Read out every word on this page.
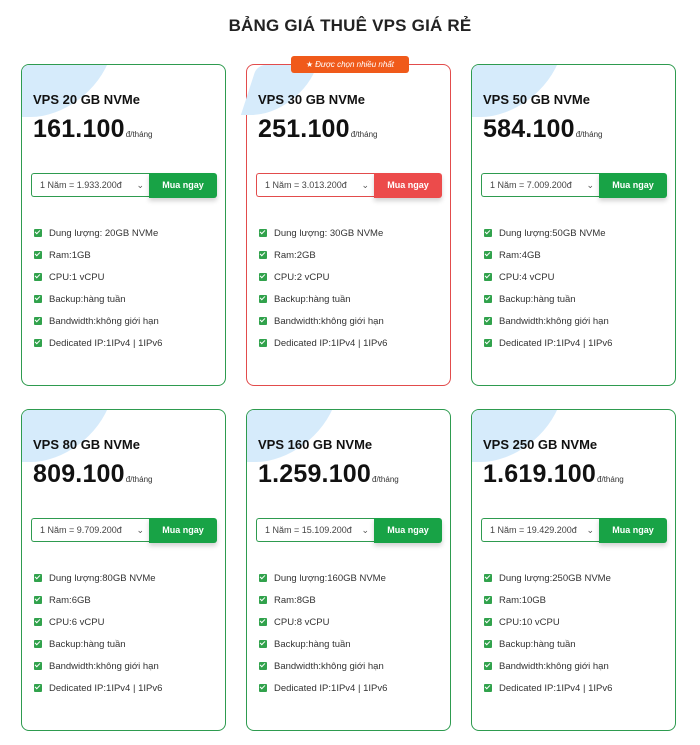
BẢNG GIÁ THUÊ VPS GIÁ RẺ
VPS 20 GB NVMe
161.100đ/tháng
1 Năm = 1.933.200đ ⌄	Mua ngay
Dung lượng: 20GB NVMe
Ram:1GB
CPU:1 vCPU
Backup:hàng tuần
Bandwidth:không giới hạn
Dedicated IP:1IPv4 | 1IPv6
★ Được chọn nhiều nhất
VPS 30 GB NVMe
251.100đ/tháng
1 Năm = 3.013.200đ ⌄	Mua ngay
Dung lượng: 30GB NVMe
Ram:2GB
CPU:2 vCPU
Backup:hàng tuần
Bandwidth:không giới hạn
Dedicated IP:1IPv4 | 1IPv6
VPS 50 GB NVMe
584.100đ/tháng
1 Năm = 7.009.200đ ⌄	Mua ngay
Dung lượng:50GB NVMe
Ram:4GB
CPU:4 vCPU
Backup:hàng tuần
Bandwidth:không giới hạn
Dedicated IP:1IPv4 | 1IPv6
VPS 80 GB NVMe
809.100đ/tháng
1 Năm = 9.709.200đ ⌄	Mua ngay
Dung lượng:80GB NVMe
Ram:6GB
CPU:6 vCPU
Backup:hàng tuần
Bandwidth:không giới hạn
Dedicated IP:1IPv4 | 1IPv6
VPS 160 GB NVMe
1.259.100đ/tháng
1 Năm = 15.109.200đ ⌄	Mua ngay
Dung lượng:160GB NVMe
Ram:8GB
CPU:8 vCPU
Backup:hàng tuần
Bandwidth:không giới hạn
Dedicated IP:1IPv4 | 1IPv6
VPS 250 GB NVMe
1.619.100đ/tháng
1 Năm = 19.429.200đ ⌄	Mua ngay
Dung lượng:250GB NVMe
Ram:10GB
CPU:10 vCPU
Backup:hàng tuần
Bandwidth:không giới hạn
Dedicated IP:1IPv4 | 1IPv6
